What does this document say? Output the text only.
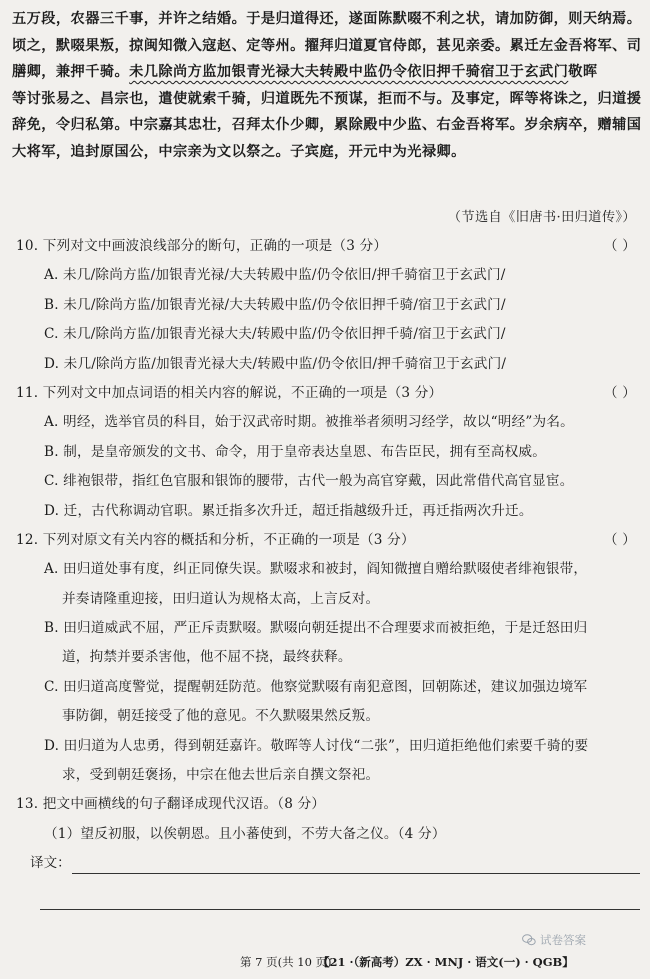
五万段，农器三千事，并许之结婚。于是归道得还，遂面陈默啜不利之状，请加防御，则天纳焉。
顷之，默啜果叛，掠闽知微入寇赵、定等州。擢拜归道夏官侍郎，甚见亲委。累迁左金吾将军、司
膳卿，兼押千骑。未几除尚方监加银青光禄大夫转殿中监仍令依旧押千骑宿卫于玄武门敬晖
等讨张易之、昌宗也，遣使就索千骑，归道既先不预谋，拒而不与。及事定，晖等将诛之，归道援
辞免，令归私第。中宗嘉其忠壮，召拜太仆少卿，累除殿中少监、右金吾将军。岁余病卒，赠辅国
大将军，追封原国公，中宗亲为文以祭之。子宾庭，开元中为光禄卿。
（节选自《旧唐书·田归道传》）
10. 下列对文中画波浪线部分的断句，正确的一项是（3 分）	（ ）
A. 未几/除尚方监/加银青光禄/大夫转殿中监/仍令依旧/押千骑宿卫于玄武门/
B. 未几/除尚方监/加银青光禄/大夫转殿中监/仍令依旧押千骑/宿卫于玄武门/
C. 未几/除尚方监/加银青光禄大夫/转殿中监/仍令依旧押千骑/宿卫于玄武门/
D. 未几/除尚方监/加银青光禄大夫/转殿中监/仍令依旧/押千骑宿卫于玄武门/
11. 下列对文中加点词语的相关内容的解说，不正确的一项是（3 分）	（ ）
A. 明经，选举官员的科目，始于汉武帝时期。被推举者须明习经学，故以“明经”为名。
B. 制，是皇帝颁发的文书、命令，用于皇帝表达皇恩、布告臣民，拥有至高权威。
C. 绯袍银带，指红色官服和银饰的腰带，古代一般为高官穿戴，因此常借代高官显宦。
D. 迁，古代称调动官职。累迁指多次升迁，超迁指越级升迁，再迁指两次升迁。
12. 下列对原文有关内容的概括和分析，不正确的一项是（3 分）	（ ）
A. 田归道处事有度，纠正同僚失误。默啜求和被封，阎知微擅自赠给默啜使者绯袍银带，
并奏请隆重迎接，田归道认为规格太高，上言反对。
B. 田归道威武不屈，严正斥责默啜。默啜向朝廷提出不合理要求而被拒绝，于是迁怒田归
道，拘禁并要杀害他，他不屈不挠，最终获释。
C. 田归道高度警觉，提醒朝廷防范。他察觉默啜有南犯意图，回朝陈述，建议加强边境军
事防御，朝廷接受了他的意见。不久默啜果然反叛。
D. 田归道为人忠勇，得到朝廷嘉许。敬晖等人讨伐“二张”，田归道拒绝他们索要千骑的要
求，受到朝廷褒扬，中宗在他去世后亲自撰文祭祀。
13. 把文中画横线的句子翻译成现代汉语。（8 分）
（1）望反初服，以俟朝恩。且小蕃使到，不劳大备之仪。（4 分）
译文：
试卷答案
第 7 页(共 10 页)
【21 ·（新高考）ZX · MNJ · 语文(一) · QGB】
